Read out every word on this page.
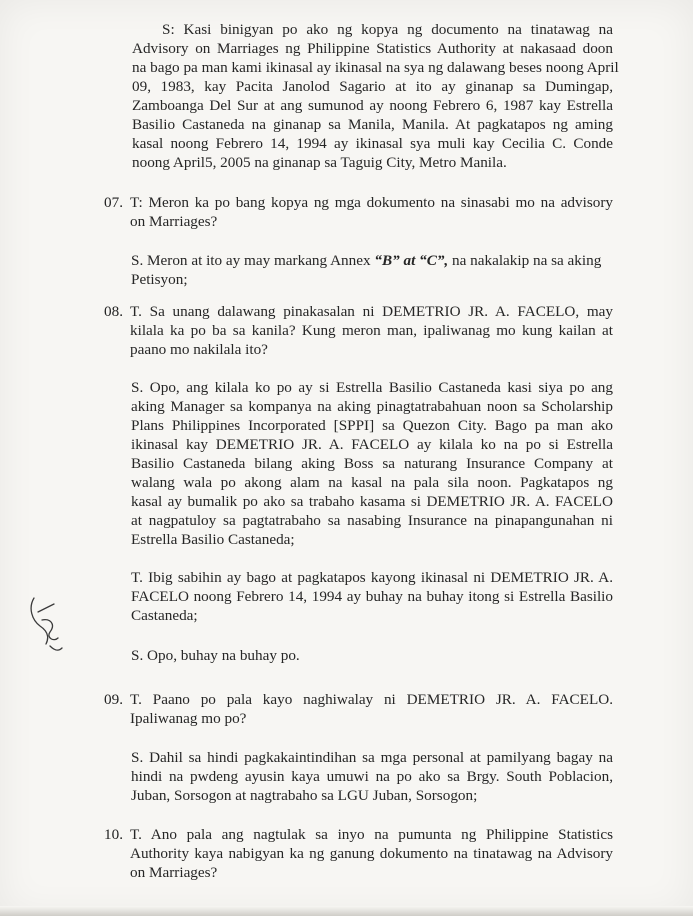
S: Kasi binigyan po ako ng kopya ng documento na tinatawag na
Advisory on Marriages ng Philippine Statistics Authority at nakasaad doon
na bago pa man kami ikinasal ay ikinasal na sya ng dalawang beses noong April
09, 1983, kay Pacita Janolod Sagario at ito ay ginanap sa Dumingap,
Zamboanga Del Sur at ang sumunod ay noong Febrero 6, 1987 kay Estrella
Basilio Castaneda na ginanap sa Manila, Manila. At pagkatapos ng aming
kasal noong Febrero 14, 1994 ay ikinasal sya muli kay Cecilia C. Conde
noong April5, 2005 na ginanap sa Taguig City, Metro Manila.
07. T: Meron ka po bang kopya ng mga dokumento na sinasabi mo na advisory
on Marriages?
S. Meron at ito ay may markang Annex “B” at “C”, na nakalakip na sa aking
Petisyon;
08. T. Sa unang dalawang pinakasalan ni DEMETRIO JR. A. FACELO, may
kilala ka po ba sa kanila? Kung meron man, ipaliwanag mo kung kailan at
paano mo nakilala ito?
S. Opo, ang kilala ko po ay si Estrella Basilio Castaneda kasi siya po ang
aking Manager sa kompanya na aking pinagtatrabahuan noon sa Scholarship
Plans Philippines Incorporated [SPPI] sa Quezon City. Bago pa man ako
ikinasal kay DEMETRIO JR. A. FACELO ay kilala ko na po si Estrella
Basilio Castaneda bilang aking Boss sa naturang Insurance Company at
walang wala po akong alam na kasal na pala sila noon. Pagkatapos ng
kasal ay bumalik po ako sa trabaho kasama si DEMETRIO JR. A. FACELO
at nagpatuloy sa pagtatrabaho sa nasabing Insurance na pinapangunahan ni
Estrella Basilio Castaneda;
T. Ibig sabihin ay bago at pagkatapos kayong ikinasal ni DEMETRIO JR. A.
FACELO noong Febrero 14, 1994 ay buhay na buhay itong si Estrella Basilio
Castaneda;
S. Opo, buhay na buhay po.
09. T. Paano po pala kayo naghiwalay ni DEMETRIO JR. A. FACELO.
Ipaliwanag mo po?
S. Dahil sa hindi pagkakaintindihan sa mga personal at pamilyang bagay na
hindi na pwdeng ayusin kaya umuwi na po ako sa Brgy. South Poblacion,
Juban, Sorsogon at nagtrabaho sa LGU Juban, Sorsogon;
10. T. Ano pala ang nagtulak sa inyo na pumunta ng Philippine Statistics
Authority kaya nabigyan ka ng ganung dokumento na tinatawag na Advisory
on Marriages?
